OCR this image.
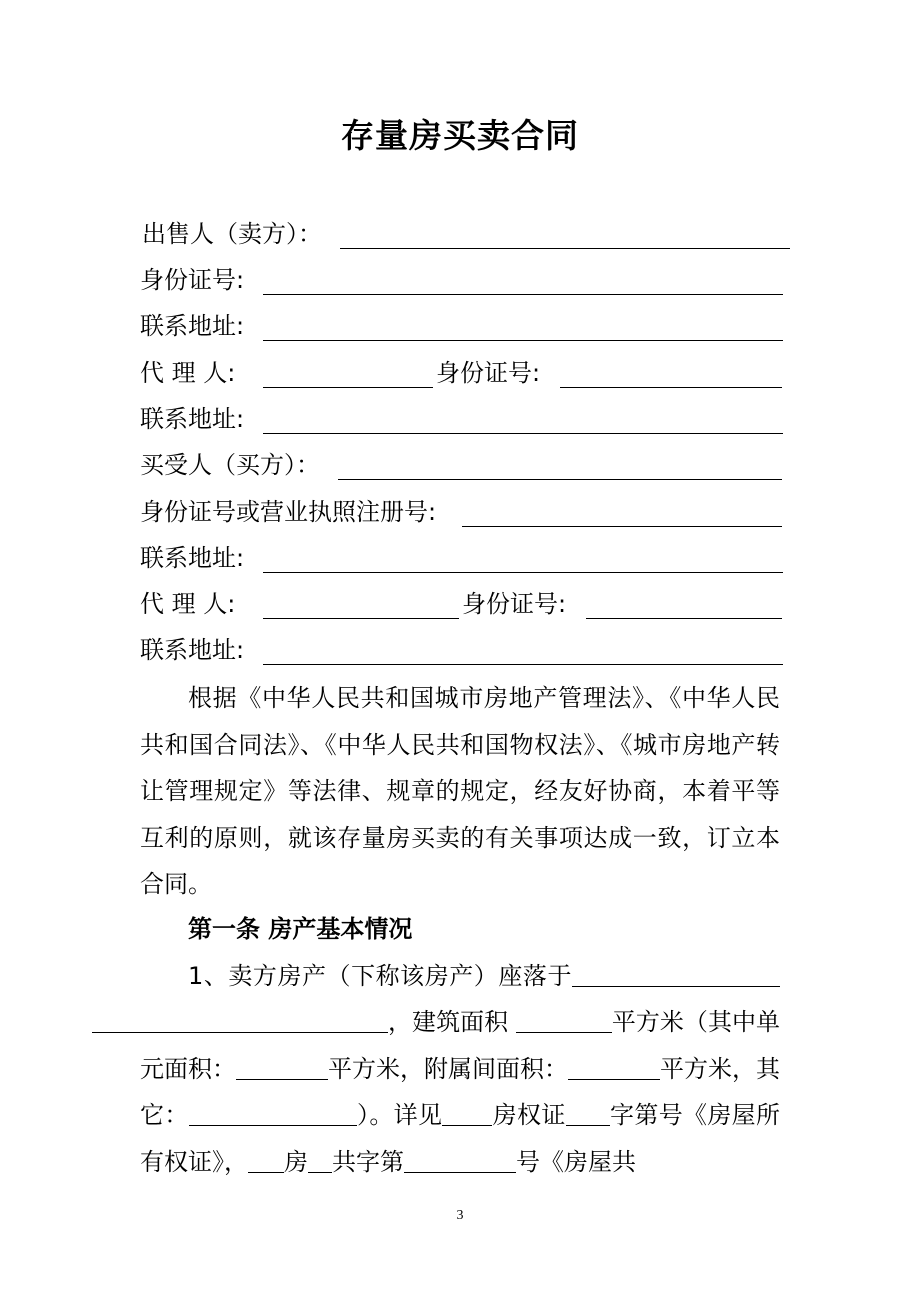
存量房买卖合同
出售人（卖方）：
身份证号:
联系地址:
代 理 人:	身份证号:
联系地址:
买受人（买方）：
身份证号或营业执照注册号:
联系地址:
代 理 人:	身份证号:
联系地址:

根据《中华人民共和国城市房地产管理法》、《中华人民共和国合同法》、《中华人民共和国物权法》、《城市房地产转让管理规定》等法律、规章的规定，经友好协商，本着平等互利的原则，就该存量房买卖的有关事项达成一致，订立本合同。

第一条 房产基本情况

1、卖方房产（下称该房产）座落于，建筑面积	平方米（其中单元面积：	平方米，附属间面积：	平方米，其它：	）。详见 房权证 字第号《房屋所有权证》， 房 共字第	号《房屋共

3
